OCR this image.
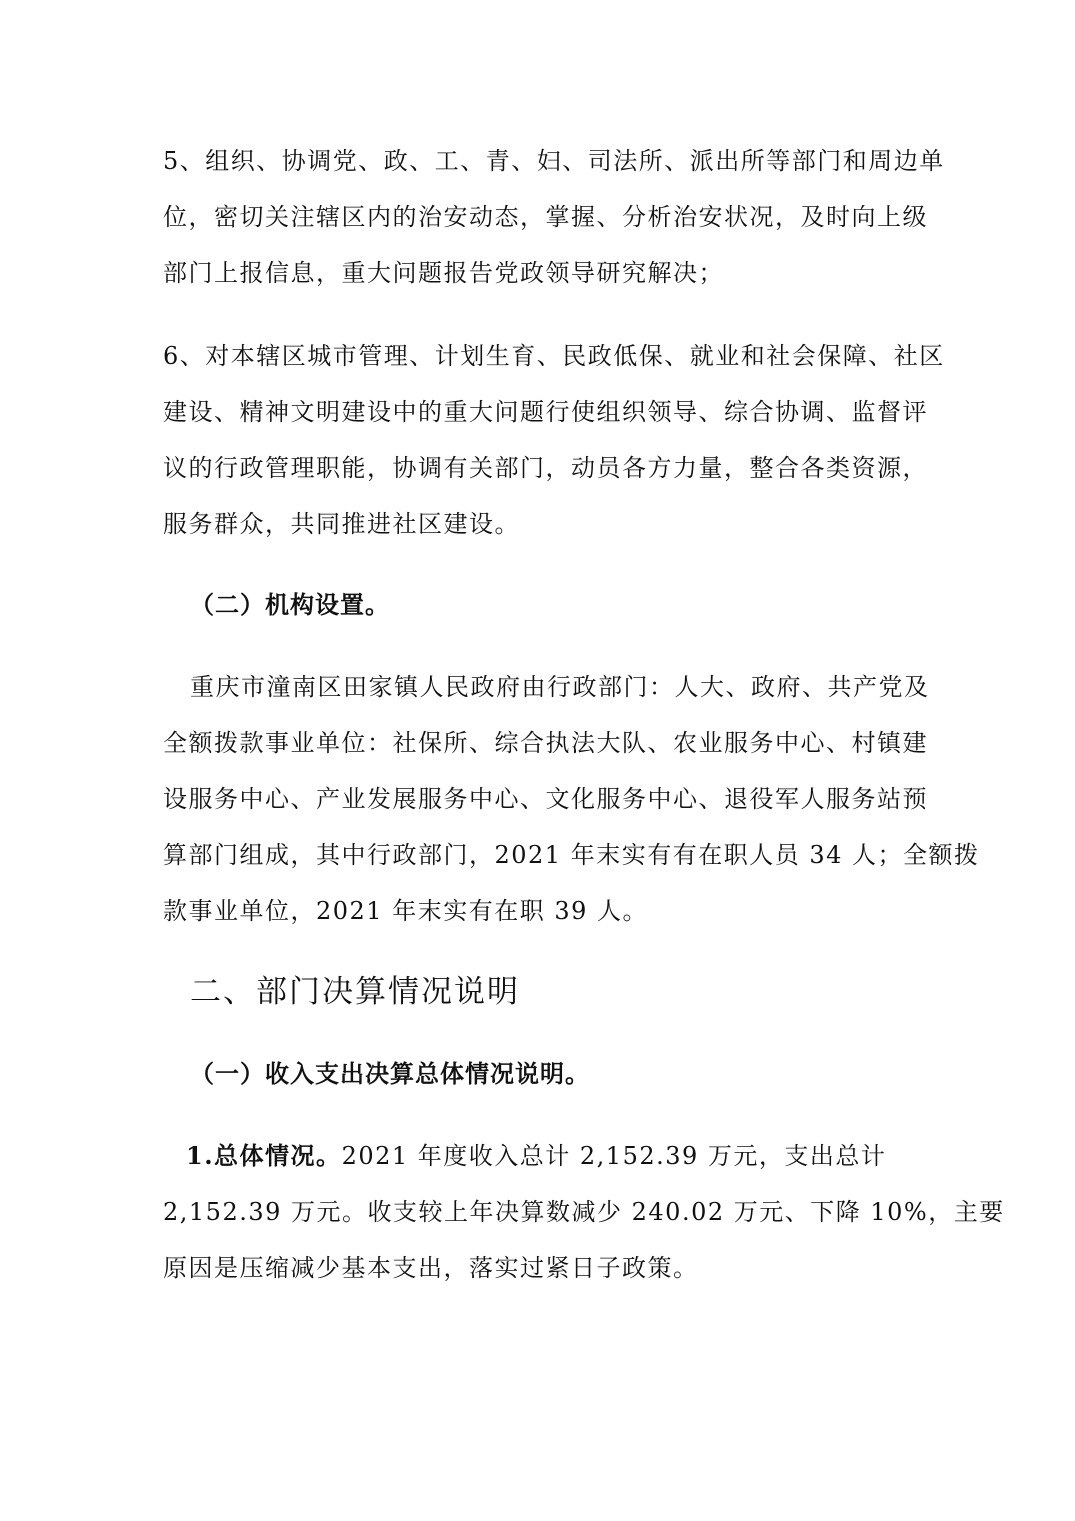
5、组织、协调党、政、工、青、妇、司法所、派出所等部门和周边单
位，密切关注辖区内的治安动态，掌握、分析治安状况，及时向上级
部门上报信息，重大问题报告党政领导研究解决；
6、对本辖区城市管理、计划生育、民政低保、就业和社会保障、社区
建设、精神文明建设中的重大问题行使组织领导、综合协调、监督评
议的行政管理职能，协调有关部门，动员各方力量，整合各类资源，
服务群众，共同推进社区建设。
（二）机构设置。
重庆市潼南区田家镇人民政府由行政部门：人大、政府、共产党及
全额拨款事业单位：社保所、综合执法大队、农业服务中心、村镇建
设服务中心、产业发展服务中心、文化服务中心、退役军人服务站预
算部门组成，其中行政部门，2021 年末实有有在职人员 34 人；全额拨
款事业单位，2021 年末实有在职 39 人。
二、部门决算情况说明
（一）收入支出决算总体情况说明。
1.总体情况。2021 年度收入总计 2,152.39 万元，支出总计
2,152.39 万元。收支较上年决算数减少 240.02 万元、下降 10%，主要
原因是压缩减少基本支出，落实过紧日子政策。
